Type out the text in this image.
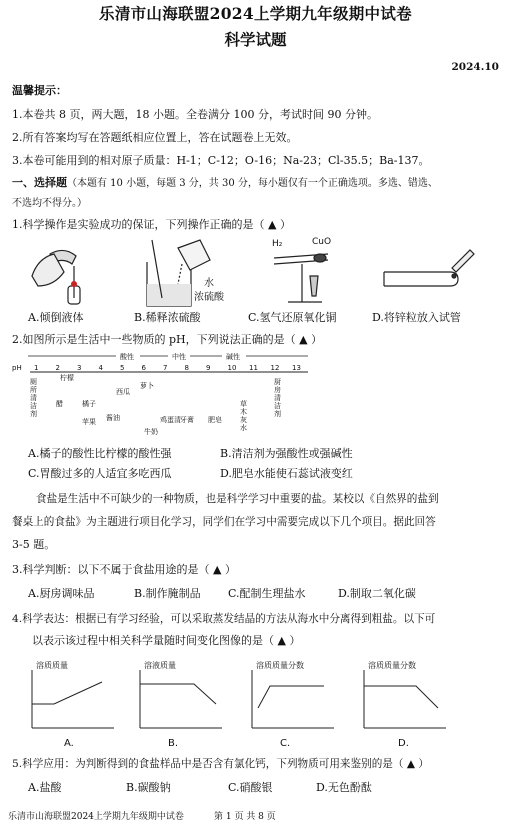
乐清市山海联盟2024上学期九年级期中试卷
科学试题
2024.10
温馨提示：
1.本卷共 8 页，两大题，18 小题。全卷满分 100 分，考试时间 90 分钟。
2.所有答案均写在答题纸相应位置上，答在试题卷上无效。
3.本卷可能用到的相对原子质量：H-1；C-12；O-16；Na-23；Cl-35.5；Ba-137。
一、选择题（本题有 10 小题，每题 3 分，共 30 分，每小题仅有一个正确选项。多选、错选、
不选均不得分。）
1.科学操作是实验成功的保证，下列操作正确的是（ ▲ ）
水
浓硫酸
H₂	CuO
A.倾倒液体	B.稀释浓硫酸	C.氢气还原氧化铜	D.将锌粒放入试管
2.如图所示是生活中一些物质的 pH，下列说法正确的是（ ▲ ）
酸性	中性	碱性
pH 1 2 3 4 5 6 7 8 9 10 11 12 13
厕
所
清
洁
剂
柠檬
橘子
醋
苹果 酱油
西瓜
萝卜
牛奶
鸡蛋清 牙膏 肥皂
草
木
灰
水
厨
房
清
洁
剂
A.橘子的酸性比柠檬的酸性强	B.清洁剂为强酸性或强碱性
C.胃酸过多的人适宜多吃西瓜	D.肥皂水能使石蕊试液变红
食盐是生活中不可缺少的一种物质，也是科学学习中重要的盐。某校以《自然界的盐到
餐桌上的食盐》为主题进行项目化学习，同学们在学习中需要完成以下几个项目。据此回答
3-5 题。
3.科学判断：以下不属于食盐用途的是（ ▲ ）
A.厨房调味品	B.制作腌制品 C.配制生理盐水	D.制取二氧化碳
4.科学表达：根据已有学习经验，可以采取蒸发结晶的方法从海水中分离得到粗盐。以下可
以表示该过程中相关科学量随时间变化图像的是（ ▲ ）
溶质质量
A.
溶液质量
B.
溶质质量分数
C.
溶质质量分数
D.
5.科学应用：为判断得到的食盐样品中是否含有氯化钙，下列物质可用来鉴别的是（ ▲ ）
A.盐酸	B.碳酸钠	C.硝酸银	D.无色酚酞
乐清市山海联盟2024上学期九年级期中试卷	第 1 页 共 8 页
